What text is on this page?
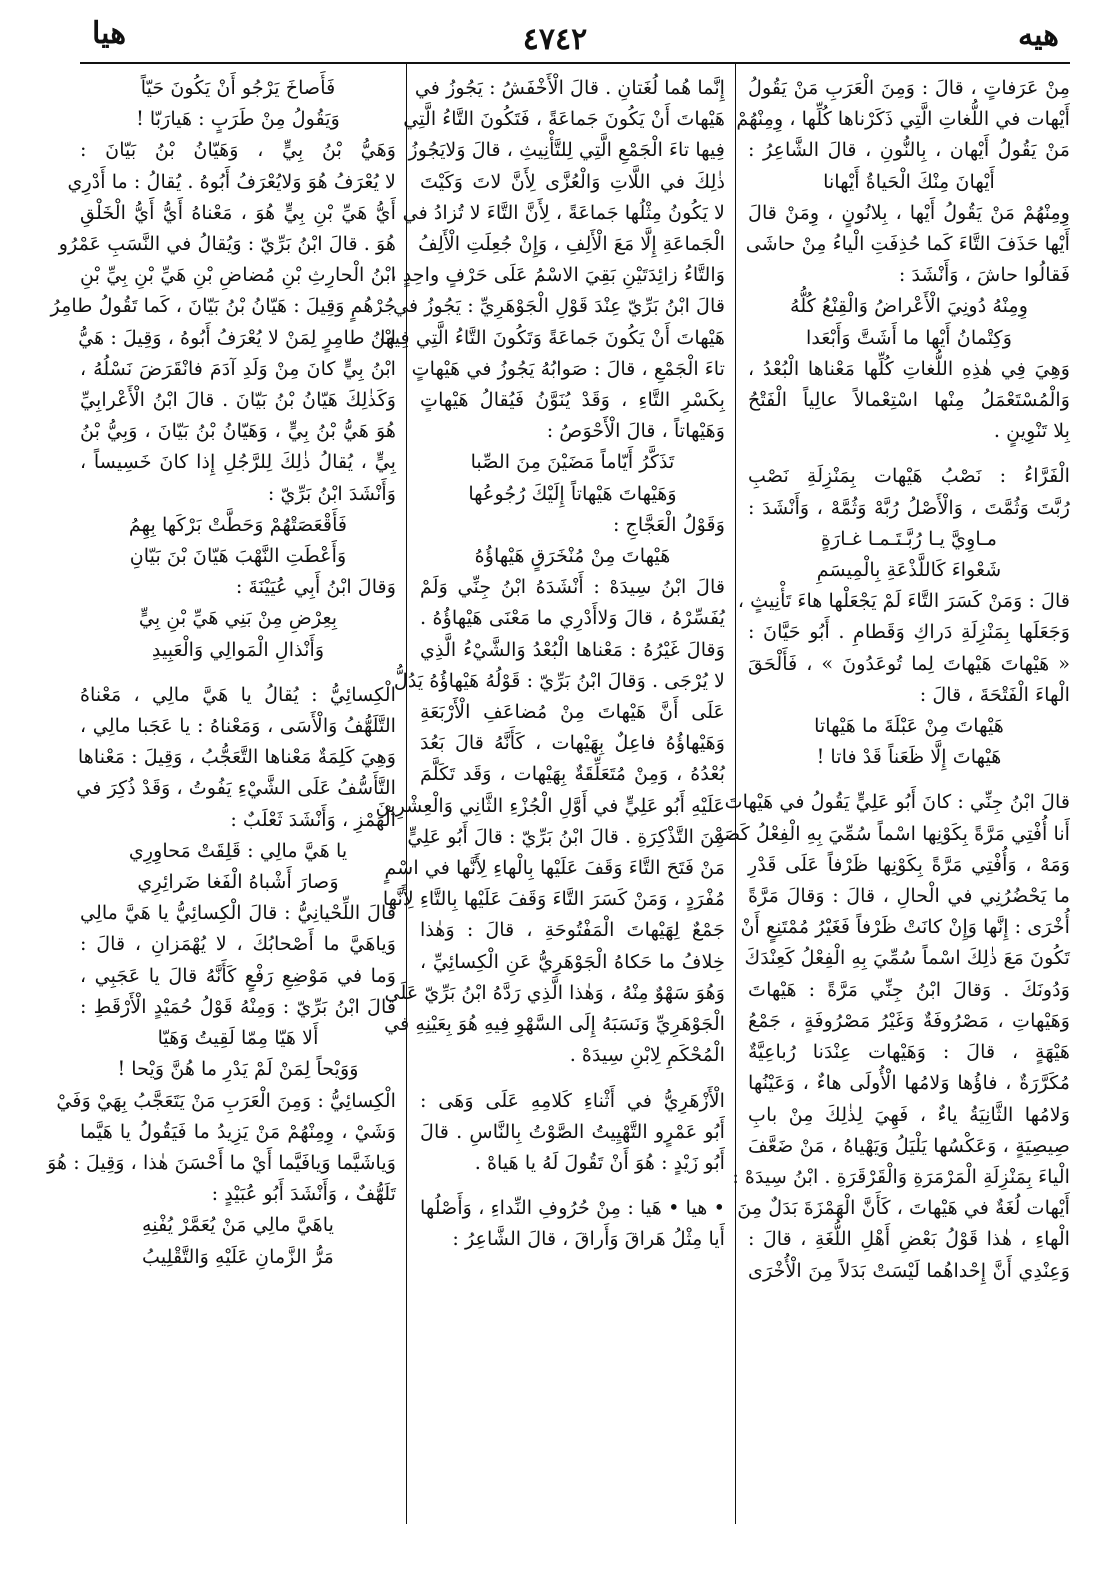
هيه
٤٧٤٢
هيا

مِنْ عَرَفاتٍ ، قالَ : وَمِنَ الْعَرَبِ مَنْ يَقُولُ

أَيْهات في اللُّغاتِ الَّتِي ذَكَرْناها كُلِّها ، وِمِنْهُمْ

مَنْ يَقُولُ أَيْهان ، بِالنُّونِ ، قالَ الشَّاعِرُ :

أَيْهانَ مِنْكَ الْحَياةُ أَيْهانا

وِمِنْهُمْ مَنْ يَقُولُ أَيْها ، بِلانُونٍ ، وِمَنْ قالَ

أَيْها حَذَفَ التَّاءَ كَما حُذِفَتِ الْياءُ مِنْ حاشَى

فَقالُوا حاشَ ، وَأَنْشَدَ :

وِمِنْهُ دُونِيَ الْأَعْراضُ وَالْقِنْعُ كُلُّهُ

وَكِتْمانُ أَيْها ما أَشَتَّ وَأَبْعَدا

وَهِيَ فِي هٰذِهِ اللُّغاتِ كُلِّها مَعْناها الْبُعْدُ ،

وَالْمُسْتَعْمَلُ مِنْها اسْتِعْمالاً عالِياً الْفَتْحُ

بِلا تَنْوِينٍ .

الْفَرَّاءُ : نَصْبُ هَيْهات بِمَنْزِلَةِ نَصْبِ

رُبَّتَ وَثُمَّتَ ، وَالْأَصْلُ رُبَّهْ وَثُمَّهْ ، وَأَنْشَدَ :

مـاوِيَّ يـا رُبَّـتَـمـا غـارَةٍ

شَعْواءَ كَاللَّذْعَةِ بِالْمِيسَمِ

قالَ : وَمَنْ كَسَرَ التَّاءَ لَمْ يَجْعَلْها هاءَ تَأْنِيثٍ ،

وَجَعَلَها بِمَنْزِلَةِ دَراكِ وَقَطامِ . أَبُو حَيَّانَ :

« هَيْهاتَ هَيْهاتَ لِما تُوعَدُونَ » ، فَأَلْحَقَ

الْهاءَ الْفَتْحَةَ ، قالَ :

هَيْهاتَ مِنْ عَبْلَةَ ما هَيْهاتا

هَيْهاتَ إِلَّا ظَعَناً قَدْ فاتا !

قالَ ابْنُ جِنِّي : كانَ أَبُو عَلِيٍّ يَقُولُ في هَيْهاتَ

أَنا أُفْتِي مَرَّةً بِكَوْنِها اسْماً سُمِّيَ بِهِ الْفِعْلُ كَصَهْ

وَمَهْ ، وَأُفْتِي مَرَّةً بِكَوْنِها ظَرْفاً عَلَى قَدْرِ

ما يَحْضُرُنِي في الْحالِ ، قالَ : وَقالَ مَرَّةً

أُخْرَى : إِنَّها وَإِنْ كانَتْ ظَرْفاً فَغَيْرُ مُمْتَنِعٍ أَنْ

تَكُونَ مَعَ ذٰلِكَ اسْماً سُمِّيَ بِهِ الْفِعْلُ كَعِنْدَكَ

وَدُونَكَ . وَقالَ ابْنُ جِنِّي مَرَّةً : هَيْهاتَ

وَهَيْهاتِ ، مَصْرُوفَةٌ وَغَيْرُ مَصْرُوفَةٍ ، جَمْعُ

هَيْهَةٍ ، قالَ : وَهَيْهات عِنْدَنا رُباعِيَّةٌ

مُكَرَّرَةٌ ، فاؤُها وَلامُها الْأُولَى هاءٌ ، وَعَيْنُها

وَلامُها الثَّانِيَةُ ياءٌ ، فَهِيَ لِذٰلِكَ مِنْ بابِ

صِيصِيَةٍ ، وَعَكْسُها يَلْيَلُ وَيَهْياهُ ، مَنْ ضَعَّفَ

الْياءَ بِمَنْزِلَةِ الْمَرْمَرَةِ وَالْقَرْقَرَةِ . ابْنُ سِيدَهْ :

أَيْهات لُغَةٌ في هَيْهاتَ ، كَأَنَّ الْهَمْزَةَ بَدَلٌ مِنَ

الْهاءِ ، هٰذا قَوْلُ بَعْضِ أَهْلِ اللُّغَةِ ، قالَ :

وَعِنْدِي أَنَّ إِحْداهُما لَيْسَتْ بَدَلاً مِنَ الْأُخْرَى

إِنَّما هُما لُغَتانِ . قالَ الْأَخْفَشُ : يَجُوزُ في

هَيْهاتَ أَنْ يَكُونَ جَماعَةً ، فَتَكُونَ التَّاءُ الَّتِي

فِيها تاءَ الْجَمْعِ الَّتِي لِلتَّأْنِيثِ ، قالَ وَلايَجُوزُ

ذٰلِكَ في اللَّاتِ وَالْعُزَّى لِأَنَّ لاتَ وَكَيْتَ

لا يَكُونُ مِثْلُها جَماعَةً ، لِأَنَّ التَّاءَ لا تُزادُ في

الْجَماعَةِ إِلَّا مَعَ الْأَلِفِ ، وَإِنْ جُعِلَتِ الْأَلِفُ

وَالتَّاءُ زائِدَتَيْنِ بَقِيَ الاسْمُ عَلَى حَرْفٍ واحِدٍ ،

قالَ ابْنُ بَرِّيّ عِنْدَ قَوْلِ الْجَوْهَرِيِّ : يَجُوزُ في

هَيْهاتَ أَنْ يَكُونَ جَماعَةً وَتَكُونَ التَّاءُ الَّتِي فِيها

تاءَ الْجَمْعِ ، قالَ : صَوابُهُ يَجُوزُ في هَيْهاتٍ

بِكَسْرِ التَّاءِ ، وَقَدْ يُنَوَّنُ فَيُقالُ هَيْهاتٍ

وَهَيْهاتاً ، قالَ الْأَحْوَصُ :

تَذَكَّرُ أَيّاماً مَضَيْنَ مِنَ الصِّبا

وَهَيْهاتَ هَيْهاتاً إِلَيْكَ رُجُوعُها

وَقَوْلُ الْعَجَّاجِ :

هَيْهاتَ مِنْ مُنْخَرَقٍ هَيْهاؤُهُ

قالَ ابْنُ سِيدَهْ : أَنْشَدَهُ ابْنُ جِنِّي وَلَمْ

يُفَسِّرْهُ ، قالَ وَلاأَدْرِي ما مَعْنَى هَيْهاؤُهُ .

وَقالَ غَيْرُهُ : مَعْناها الْبُعْدُ وَالشَّيْءُ الَّذِي

لا يُرْجَى . وَقالَ ابْنُ بَرِّيّ : قَوْلُهُ هَيْهاؤُهُ يَدُلُّ

عَلَى أَنَّ هَيْهاتَ مِنْ مُضاعَفِ الْأَرْبَعَةِ

وَهَيْهاؤُهُ فاعِلٌ بِهَيْهات ، كَأَنَّهُ قالَ بَعُدَ

بُعْدُهُ ، وَمِنْ مُتَعَلِّقَةٌ بِهَيْهات ، وَقَد تَكَلَّمَ

عَلَيْهِ أَبُو عَلِيٍّ في أَوَّلِ الْجُزْءِ الثَّانِي وَالْعِشْرِينَ

مِنَ التَّذْكِرَةِ . قالَ ابْنُ بَرِّيّ : قالَ أَبُو عَلِيٍّ

مَنْ فَتَحَ التَّاءَ وَقَفَ عَلَيْها بِالْهاءِ لِأَنَّها في اسْمٍ

مُفْرَدٍ ، وَمَنْ كَسَرَ التَّاءَ وَقَفَ عَلَيْها بِالتَّاءِ لِأَنَّها

جَمْعٌ لِهَيْهاتَ الْمَفْتُوحَةِ ، قالَ : وَهٰذا

خِلافُ ما حَكاهُ الْجَوْهَرِيُّ عَنِ الْكِسائِيِّ ،

وَهُوَ سَهْوٌ مِنْهُ ، وَهٰذا الَّذِي رَدَّهُ ابْنُ بَرِّيّ عَلَى

الْجَوْهَرِيِّ وَنَسَبَهُ إِلَى السَّهْوِ فِيهِ هُوَ بِعَيْنِهِ في

الْمُحْكَمِ لِابْنِ سِيدَهْ .

الْأَزْهَرِيُّ في أَثْناءِ كَلامِهِ عَلَى وَهَى :

أَبُو عَمْرٍو التَّهْيِيتُ الصَّوْتُ بِالنَّاسِ . قالَ

أَبُو زَيْدٍ : هُوَ أَنْ تَقُولَ لَهُ يا هَياهْ .

• هيا • هَيا : مِنْ حُرُوفِ النِّداءِ ، وَأَصْلُها

أَيا مِثْلُ هَراقَ وَأَراقَ ، قالَ الشَّاعِرُ :

فَأَصاخَ يَرْجُو أَنْ يَكُونَ حَيّاً

وَيَقُولُ مِنْ طَرَبٍ : هَيارَبّا !

وَهَيُّ بْنُ بِيٍّ ، وَهَيّانُ بْنُ بَيّانَ :

لا يُعْرَفُ هُوَ وَلايُعْرَفُ أَبُوهُ . يُقالُ : ما أَدْرِي

أَيُّ هَيِّ بْنِ بِيٍّ هُوَ ، مَعْناهُ أَيُّ أَيُّ الْخَلْقِ

هُوَ . قالَ ابْنُ بَرِّيّ : وَيُقالُ في النَّسَبِ عَمْرُو

ابْنُ الْحارِثِ بْنِ مُضاضِ بْنِ هَيِّ بْنِ بِيِّ بْنِ

جُرْهُمٍ وَقِيلَ : هَيّانُ بْنُ بَيّانَ ، كَما تَقُولُ طامِرُ

ابْنُ طامِرٍ لِمَنْ لا يُعْرَفُ أَبُوهُ ، وَقِيلَ : هَيُّ

ابْنُ بِيٍّ كانَ مِنْ وَلَدِ آدَمَ فانْقَرَضَ نَسْلُهُ ،

وَكَذٰلِكَ هَيّانُ بْنُ بَيّانَ . قالَ ابْنُ الْأَعْرابِيِّ

هُوَ هَيُّ بْنُ بِيٍّ ، وَهَيّانُ بْنُ بَيّانَ ، وَبِيُّ بْنُ

بِيٍّ ، يُقالُ ذٰلِكَ لِلرَّجُلِ إِذا كانَ خَسِيساً ،

وَأَنْشَدَ ابْنُ بَرِّيّ :

فَأَقْعَصَتْهُمْ وَحَطَّتْ بَرْكَها بِهِمُ

وَأَعْطَتِ النَّهْبَ هَيّانَ بْنَ بَيّانِ

وَقالَ ابْنُ أَبِي عُيَيْنَةَ :

بِعِرْضِ مِنْ بَنِي هَيِّ بْنِ بِيٍّ

وَأَنْذالِ الْمَوالِي وَالْعَبِيدِ

الْكِسائِيُّ : يُقالُ يا هَيَّ مالِي ، مَعْناهُ

التَّلَهُّفُ وَالْأَسَى ، وَمَعْناهُ : يا عَجَبا مالِي ،

وَهِيَ كَلِمَةٌ مَعْناها التَّعَجُّبُ ، وَقِيلَ : مَعْناها

التَّأَسُّفُ عَلَى الشَّيْءِ يَفُوتُ ، وَقَدْ ذُكِرَ في

الْهَمْزِ ، وَأَنْشَدَ ثَعْلَبٌ :

يا هَيَّ مالِي : قَلِقَتْ مَحاوِرِي

وَصارَ أَشْباهُ الْفَغا ضَرائِرِي

قالَ اللِّحْيانِيُّ : قالَ الْكِسائِيُّ يا هَيَّ مالِي

وَياهَيَّ ما أَصْحابُكَ ، لا يُهْمَزانِ ، قالَ :

وَما في مَوْضِعِ رَفْعٍ كَأَنَّهُ قالَ يا عَجَبِي ،

قالَ ابْنُ بَرِّيّ : وَمِنْهُ قَوْلُ حُمَيْدٍ الْأَرْقَطِ :

أَلا هَيّا مِمّا لَقِيتُ وَهَيّا

وَوَيْحاً لِمَنْ لَمْ يَدْرِ ما هُنَّ وَيْحا !

الْكِسائِيُّ : وَمِنَ الْعَرَبِ مَنْ يَتَعَجَّبُ بِهَيْ وَفَيْ

وَشَيْ ، وِمِنْهُمْ مَنْ يَزِيدُ ما فَيَقُولُ يا هَيَّما

وَياشَيَّما وَيافَيَّما أَيْ ما أَحْسَنَ هٰذا ، وَقِيلَ : هُوَ

تَلَهُّفٌ ، وَأَنْشَدَ أَبُو عُبَيْدٍ :

ياهَيَّ مالِي مَنْ يُعَمَّرْ يُفْنِهِ

مَرُّ الزَّمانِ عَلَيْهِ وَالتَّقْلِيبُ
